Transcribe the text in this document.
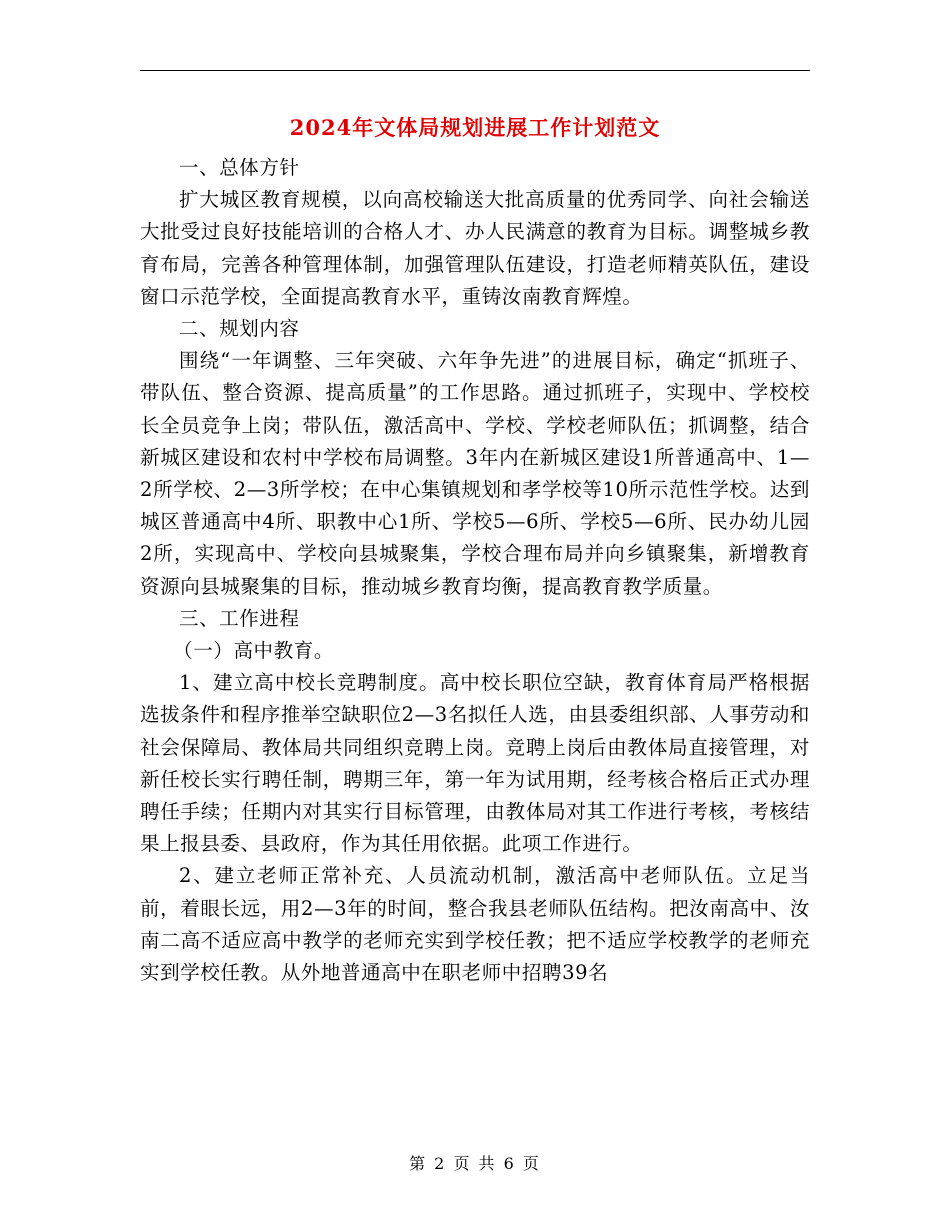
2024年文体局规划进展工作计划范文

一、总体方针

扩大城区教育规模，以向高校输送大批高质量的优秀同学、向社会输送大批受过良好技能培训的合格人才、办人民满意的教育为目标。调整城乡教育布局，完善各种管理体制，加强管理队伍建设，打造老师精英队伍，建设窗口示范学校，全面提高教育水平，重铸汝南教育辉煌。

二、规划内容

围绕“一年调整、三年突破、六年争先进”的进展目标，确定“抓班子、带队伍、整合资源、提高质量”的工作思路。通过抓班子，实现中、学校校长全员竞争上岗；带队伍，激活高中、学校、学校老师队伍；抓调整，结合新城区建设和农村中学校布局调整。3年内在新城区建设1所普通高中、1—2所学校、2—3所学校；在中心集镇规划和孝学校等10所示范性学校。达到城区普通高中4所、职教中心1所、学校5—6所、学校5—6所、民办幼儿园2所，实现高中、学校向县城聚集，学校合理布局并向乡镇聚集，新增教育资源向县城聚集的目标，推动城乡教育均衡，提高教育教学质量。

三、工作进程

（一）高中教育。

1、建立高中校长竞聘制度。高中校长职位空缺，教育体育局严格根据选拔条件和程序推举空缺职位2—3名拟任人选，由县委组织部、人事劳动和社会保障局、教体局共同组织竞聘上岗。竞聘上岗后由教体局直接管理，对新任校长实行聘任制，聘期三年，第一年为试用期，经考核合格后正式办理聘任手续；任期内对其实行目标管理，由教体局对其工作进行考核，考核结果上报县委、县政府，作为其任用依据。此项工作进行。

2、建立老师正常补充、人员流动机制，激活高中老师队伍。立足当前，着眼长远，用2—3年的时间，整合我县老师队伍结构。把汝南高中、汝南二高不适应高中教学的老师充实到学校任教；把不适应学校教学的老师充实到学校任教。从外地普通高中在职老师中招聘39名

第 2 页 共 6 页
